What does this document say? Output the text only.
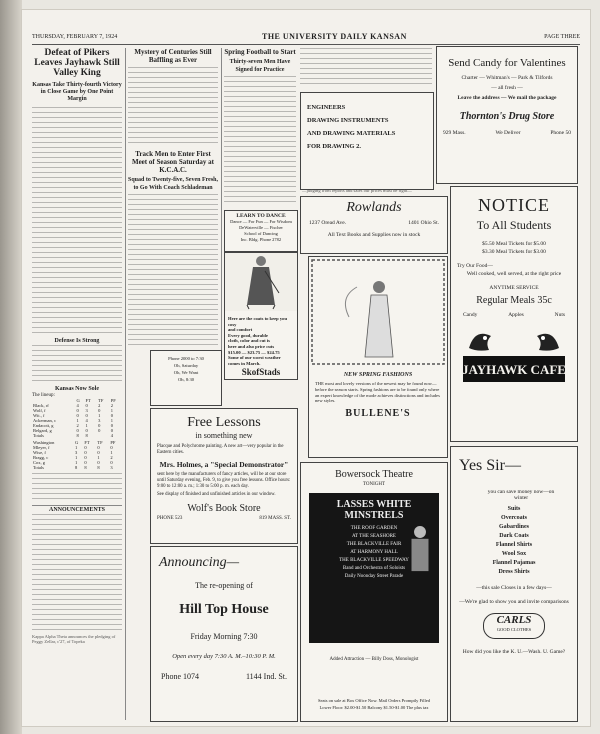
THURSDAY, FEBRUARY 7, 1924	THE UNIVERSITY DAILY KANSAN	PAGE THREE
Defeat of Pikers Leaves Jayhawk Still Valley King
Kansas Take Thirty-fourth Victory in Close Game by One Point Margin
Defense Is Strong
Kansas Now Sole
The lineup:
	G	FT	TF	PF
Black, rf	4	0	2	2
Wolf, f	0	3	0	1
Wit., f	0	0	1	0
Ackerman, c	1	4	3	1
Endacott, g	2	1	0	0
Belgard, g	0	0	0	0
Totals	8	8		4
Washington	G	FT	TF	PF
Mleyer, f	1	0	0	0
Wise, f	3	0	0	1
Bragg, c	1	0	1	2
Cox, g	1	0	0	0
Totals	8	8	8	3
ANNOUNCEMENTS
Kappa Alpha Theta announces the pledging of Peggy Zellar, c'27, of Topeka
Mystery of Centuries Still Baffling as Ever
Track Men to Enter First Meet of Season Saturday at K.C.A.C.
Squad to Twenty-five, Seven Fresh, to Go With Coach Schlademan
Spring Football to Start
Thirty-seven Men Have Signed for Practice
Send Candy for Valentines
Charter — Whitman's — Park & Tilfords
— all fresh —
Leave the address — We mail the package
Thornton's Drug Store
929 Mass.	We Deliver	Phone 50
ENGINEERS
DRAWING INSTRUMENTS
AND DRAWING MATERIALS
FOR DRAWING 2.
—judging from reports and sales our prices must be right—
Rowlands
1237 Oread Ave.	1401 Ohio St.
All Text Books and Supplies now in stock
LEARN TO DANCE
Dance — For Fun — For Wisdom
DeWaterville — Fischer
School of Dancing
Inc. Bldg. Phone 2782
Here are the coats to keep you cosy
and comfort
Every good, durable
cloth, color and cut is
here and also price cuts
$15.00 — $23.75 — $24.75
Some of our worst weather
comes in March.
SkofStads	NEW SPRING FASHIONS
THE most and lovely versions of the newest may be found now—before the season starts. Spring fashions are to be found only where an expert knowledge of the mode achieves distinctions and includes new styles.
BULLENE'S
NOTICE
To All Students
$5.50 Meal Tickets for $5.00
$3.30 Meal Tickets for $3.00
Try Our Food—
Well cooked, well served, at the right price
ANYTIME SERVICE
Regular Meals 35c
Candy	Apples	Nuts
JAYHAWK CAFE
Free Lessons
in something new
Placque and Polychrome painting. A new art—very popular in the Eastern cities.
Mrs. Holmes, a "Special Demonstrator"
sent here by the manufacturers of fancy articles, will be at our store until Saturday evening, Feb. 9, to give you free lessons. Office hours: 9:00 to 12:00 a. m.; 1:30 to 5:00 p. m. each day.
See display of finished and unfinished articles in our window.
Wolf's Book Store
PHONE 523	819 MASS. ST.
Phone 2000 to 7:30
Oh, Saturday
Oh, We Want
Oh, 8:30
Announcing—
The re-opening of
Hill Top House
Friday Morning 7:30
Open every day 7:30 A. M.–10:30 P. M.
Phone 1074	1144 Ind. St.
Bowersock Theatre
TONIGHT
LASSES WHITE MINSTRELS
THE ROOF GARDEN
AT THE SEASHORE
THE BLACKVILLE FAIR
AT HARMONY HALL
THE BLACKVILLE SPEEDWAY
Band and Orchestra of Soloists
Daily Noonday Street Parade
Added Attraction — Billy Doss, Monologist
Seats on sale at Box Office Now. Mail Orders Promptly Filled
Lower Floor: $2.00-$1.50 Balcony $1.50-$1.00 The plus tax
Yes Sir—
you can save money now—on winter
Suits
Overcoats
Gabardines
Dark Coats
Flannel Shirts
Wool Sox
Flannel Pajamas
Dress Shirts
—this sale Closes in a few days—
—We're glad to show you and invite comparisons
CARLS
GOOD CLOTHES
How did you like the K. U.—Wash. U. Game?
